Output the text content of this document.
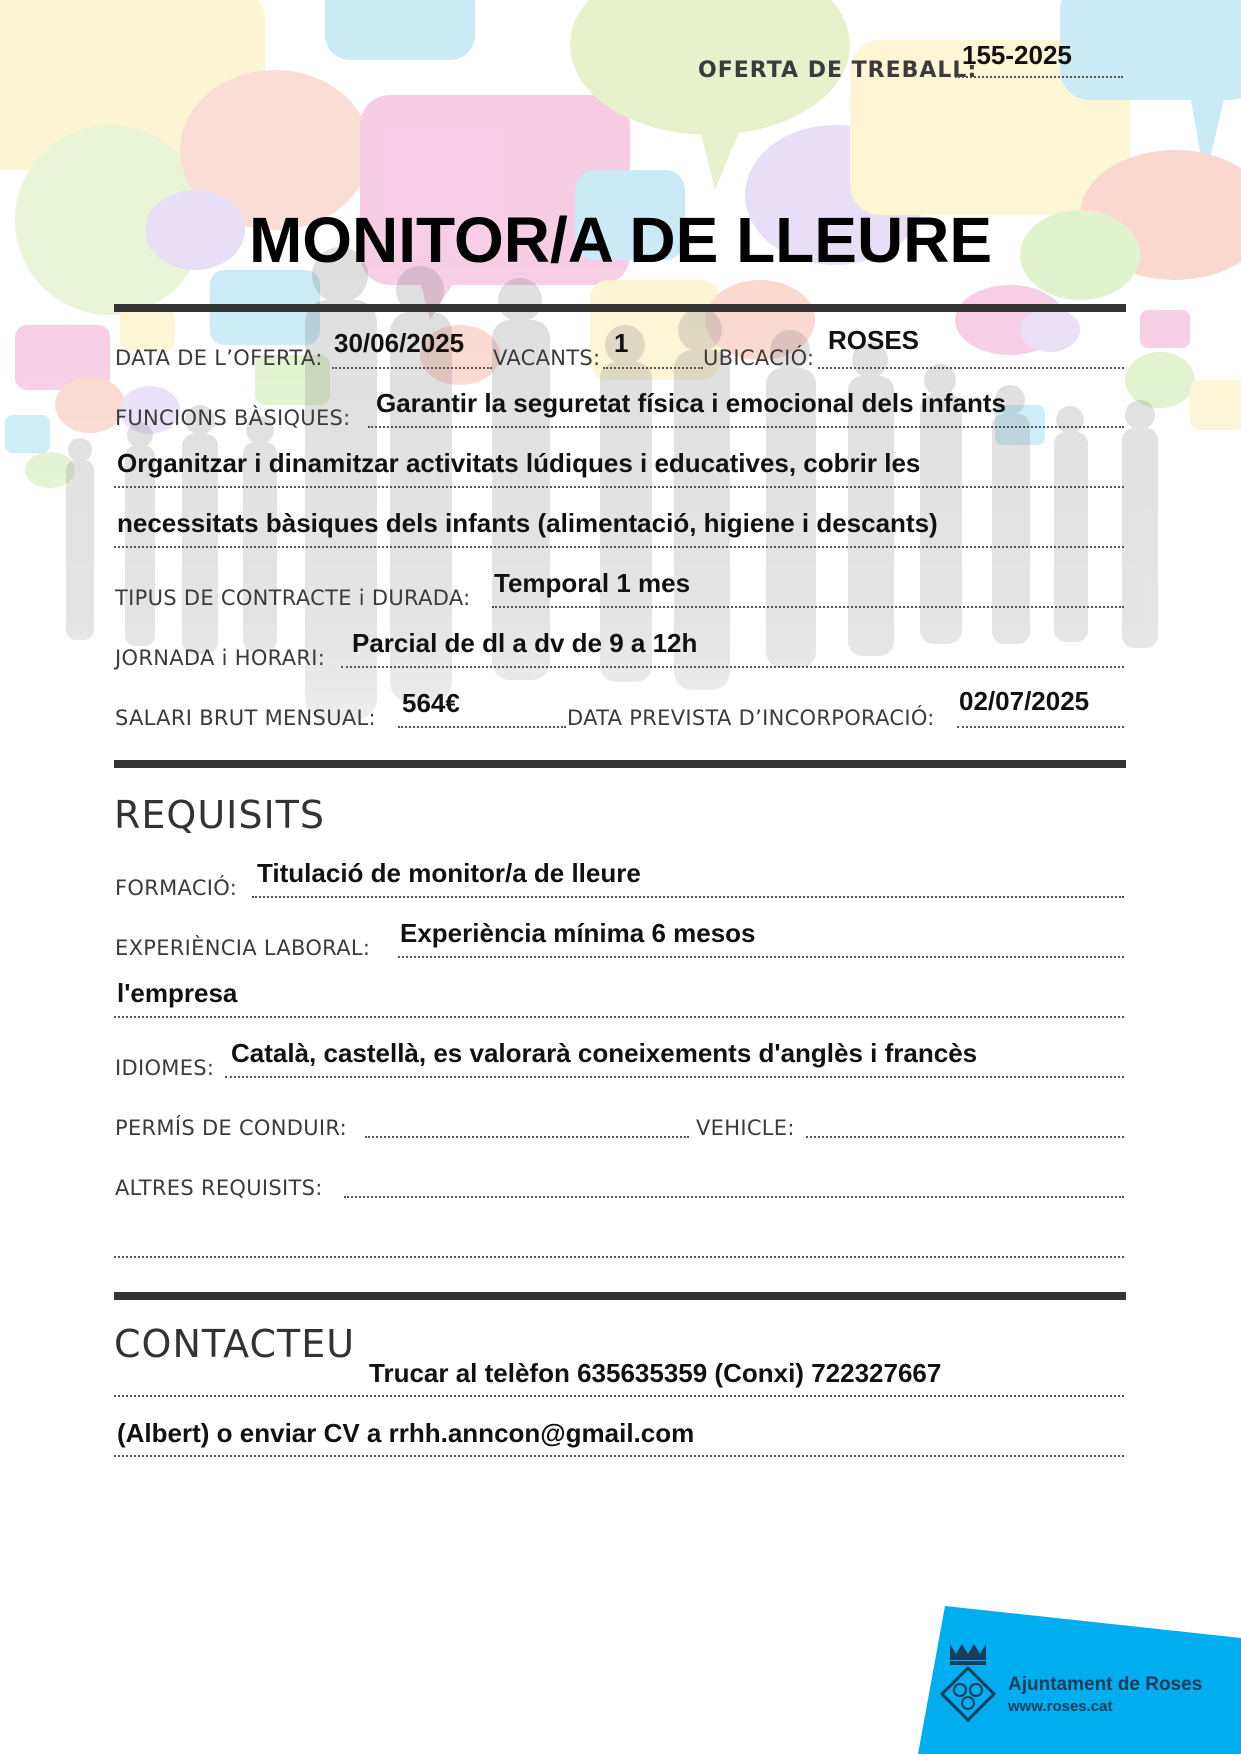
OFERTA DE TREBALL:
155-2025
MONITOR/A DE LLEURE
DATA DE L’OFERTA: 30/06/2025 VACANTS: 1	UBICACIÓ:
ROSES
FUNCIONS BÀSIQUES: Garantir la seguretat física i emocional dels infants
Organitzar i dinamitzar activitats lúdiques i educatives, cobrir les
necessitats bàsiques dels infants (alimentació, higiene i descants)
TIPUS DE CONTRACTE i DURADA: Temporal 1 mes
JORNADA i HORARI: Parcial de dl a dv de 9 a 12h
SALARI BRUT MENSUAL: 564€	DATA PREVISTA D’INCORPORACIÓ:
02/07/2025
REQUISITS
FORMACIÓ: Titulació de monitor/a de lleure
EXPERIÈNCIA LABORAL: Experiència mínima 6 mesos
l'empresa
IDIOMES: Català, castellà, es valorarà coneixements d'anglès i francès
PERMÍS DE CONDUIR:	VEHICLE:
ALTRES REQUISITS:
CONTACTEU
Trucar al telèfon 635635359 (Conxi) 722327667
(Albert) o enviar CV a rrhh.anncon@gmail.com
Ajuntament de Roses
www.roses.cat
